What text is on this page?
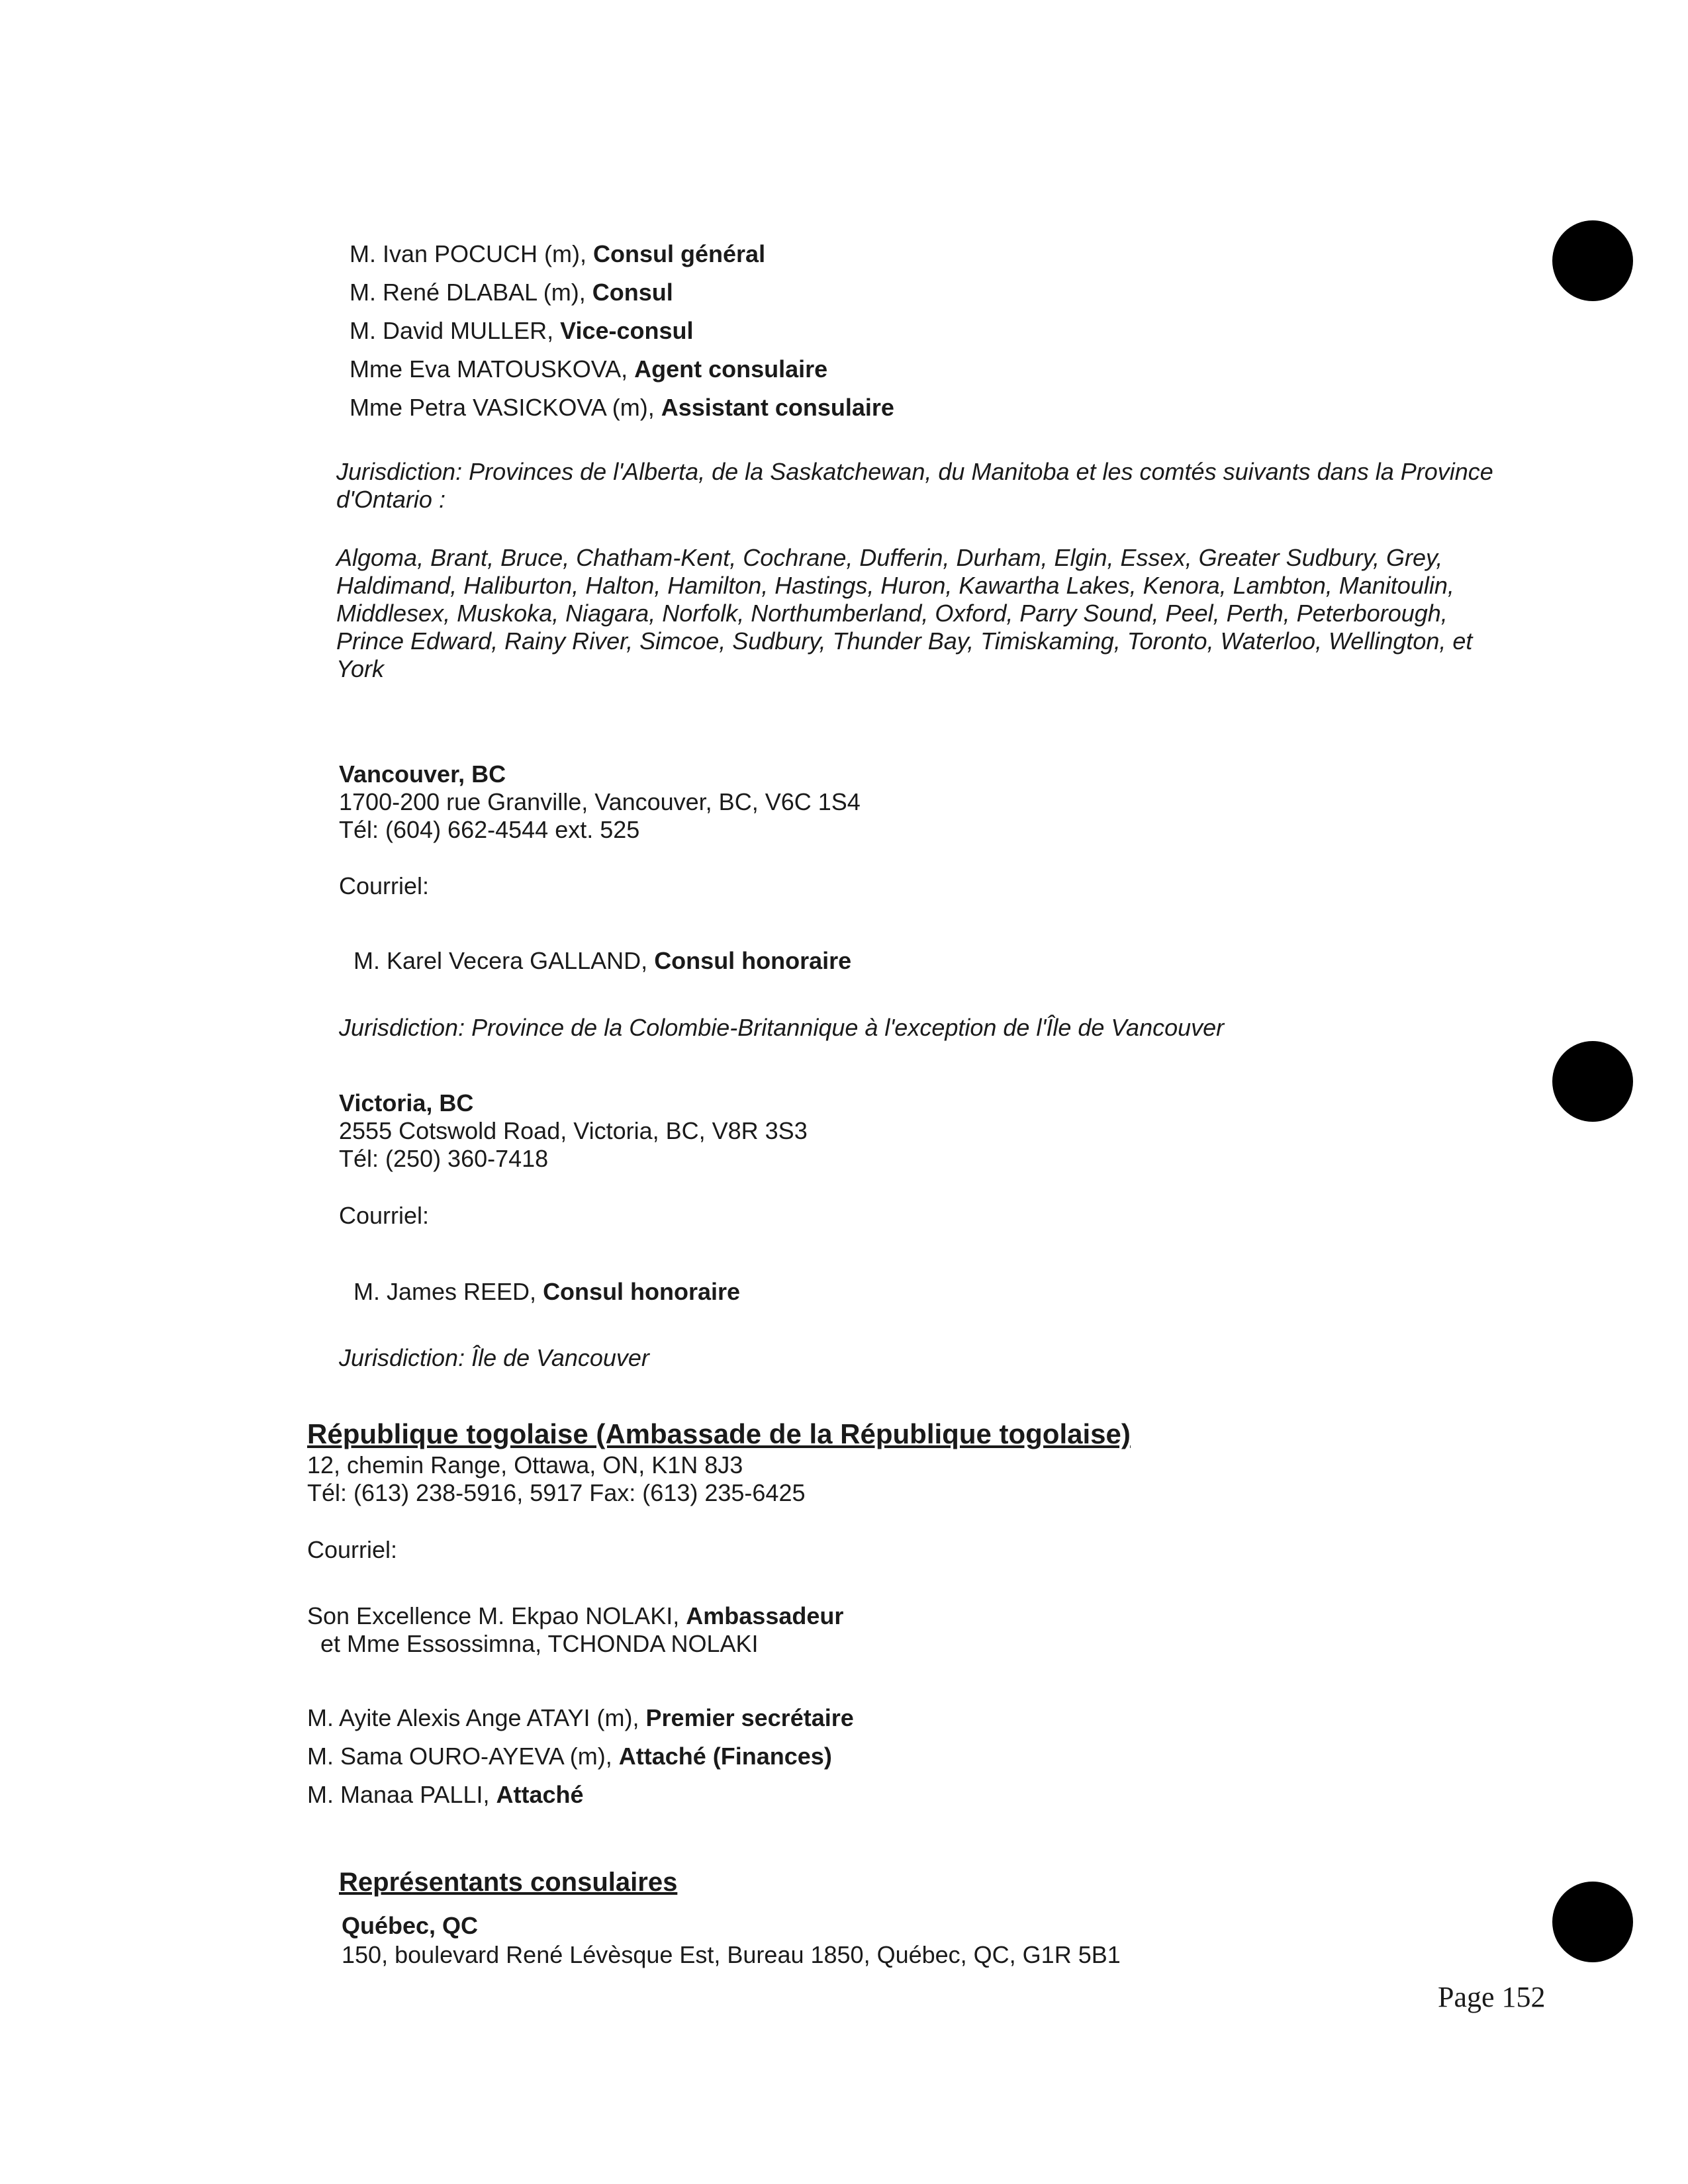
M. Ivan POCUCH (m), Consul général
M. René DLABAL (m), Consul
M. David MULLER, Vice-consul
Mme Eva MATOUSKOVA, Agent consulaire
Mme Petra VASICKOVA (m), Assistant consulaire
Jurisdiction: Provinces de l'Alberta, de la Saskatchewan, du Manitoba et les comtés suivants dans la Province d'Ontario :
Algoma, Brant, Bruce, Chatham-Kent, Cochrane, Dufferin, Durham, Elgin, Essex, Greater Sudbury, Grey, Haldimand, Haliburton, Halton, Hamilton, Hastings, Huron, Kawartha Lakes, Kenora, Lambton, Manitoulin, Middlesex, Muskoka, Niagara, Norfolk, Northumberland, Oxford, Parry Sound, Peel, Perth, Peterborough, Prince Edward, Rainy River, Simcoe, Sudbury, Thunder Bay, Timiskaming, Toronto, Waterloo, Wellington, et York
Vancouver, BC
1700-200 rue Granville, Vancouver, BC, V6C 1S4
Tél: (604) 662-4544 ext. 525
Courriel:
M. Karel Vecera GALLAND, Consul honoraire
Jurisdiction: Province de la Colombie-Britannique à l'exception de l'Île de Vancouver
Victoria, BC
2555 Cotswold Road, Victoria, BC, V8R 3S3
Tél: (250) 360-7418
Courriel:
M. James REED, Consul honoraire
Jurisdiction: Île de Vancouver
République togolaise (Ambassade de la République togolaise)
12, chemin Range, Ottawa, ON, K1N 8J3
Tél: (613) 238-5916, 5917 Fax: (613) 235-6425
Courriel:
Son Excellence M. Ekpao NOLAKI, Ambassadeur
et Mme Essossimna, TCHONDA NOLAKI
M. Ayite Alexis Ange ATAYI (m), Premier secrétaire
M. Sama OURO-AYEVA (m), Attaché (Finances)
M. Manaa PALLI, Attaché
Représentants consulaires
Québec, QC
150, boulevard René Lévèsque Est, Bureau 1850, Québec, QC, G1R 5B1
Page 152
